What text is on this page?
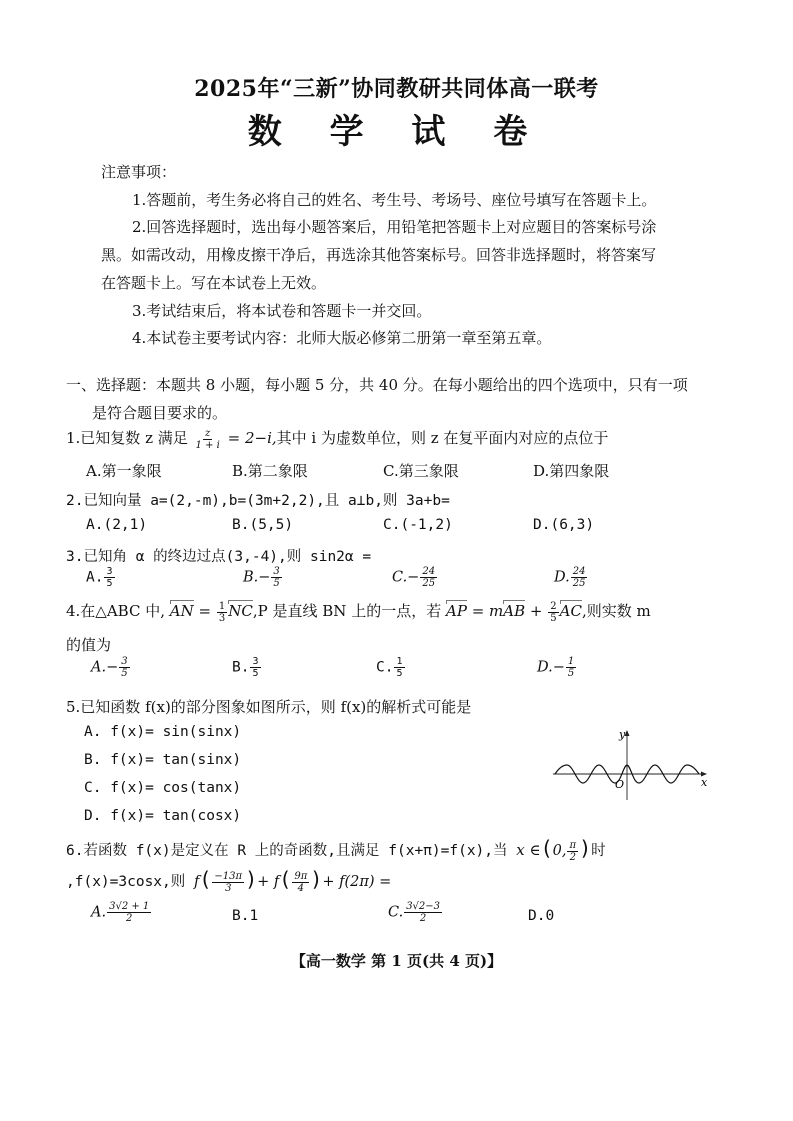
2025年“三新”协同教研共同体高一联考
数 学 试 卷
注意事项：
1.答题前，考生务必将自己的姓名、考生号、考场号、座位号填写在答题卡上。
2.回答选择题时，选出每小题答案后，用铅笔把答题卡上对应题目的答案标号涂
黑。如需改动，用橡皮擦干净后，再选涂其他答案标号。回答非选择题时，将答案写
在答题卡上。写在本试卷上无效。
3.考试结束后，将本试卷和答题卡一并交回。
4.本试卷主要考试内容：北师大版必修第二册第一章至第五章。
一、选择题：本题共 8 小题，每小题 5 分，共 40 分。在每小题给出的四个选项中，只有一项
是符合题目要求的。
1.已知复数 z 满足 $\frac{z}{1 + i} = 2-i$,其中 i 为虚数单位，则 z 在复平面内对应的点位于
A.第一象限	B.第二象限	C.第三象限	D.第四象限
2.已知向量 a=(2,-m),b=(3m+2,2),且 a⊥b,则 3a+b=
A.(2,1)	B.(5,5)	C.(-1,2)	D.(6,3)
3.已知角 α 的终边过点(3,-4),则 sin2α =
A. $\frac{3}{5}$	$B.- \frac{3}{5}$	$C.- \frac{24}{25}$	D. $\frac{24}{25}$
4.在△ABC 中, AN = $\frac{1}{3} NC,P$ 是直线 BN 上的一点，若 AP = mAB + $\frac{2}{5}$ AC,则实数 m
的值为
$A.- \frac{3}{5}$	B. $\frac{3}{5}$	C. $\frac{1}{5}$	$D.- \frac{1}{5}$
5.已知函数 f(x)的部分图象如图所示，则 f(x)的解析式可能是
A. f(x)= sin(sinx)
B. f(x)= tan(sinx)
C. f(x)= cos(tanx)
D. f(x)= tan(cosx)
y
O	x
6.若函数 f(x)是定义在 R 上的奇函数,且满足 f(x+π)=f(x),当 x ∈(0, $\frac{\pi}{2}$ )时
,f(x)=3cosx,则 $f( \frac{-13\pi}{3}$ )+ $f( \frac{9\pi}{4}$ )+ f(2π) =
A. $\frac{3√2 + 1}{2}$	B.1	C. $\frac{3√2-3}{2}$	D.0
【高一数学 第 1 页(共 4 页)】
